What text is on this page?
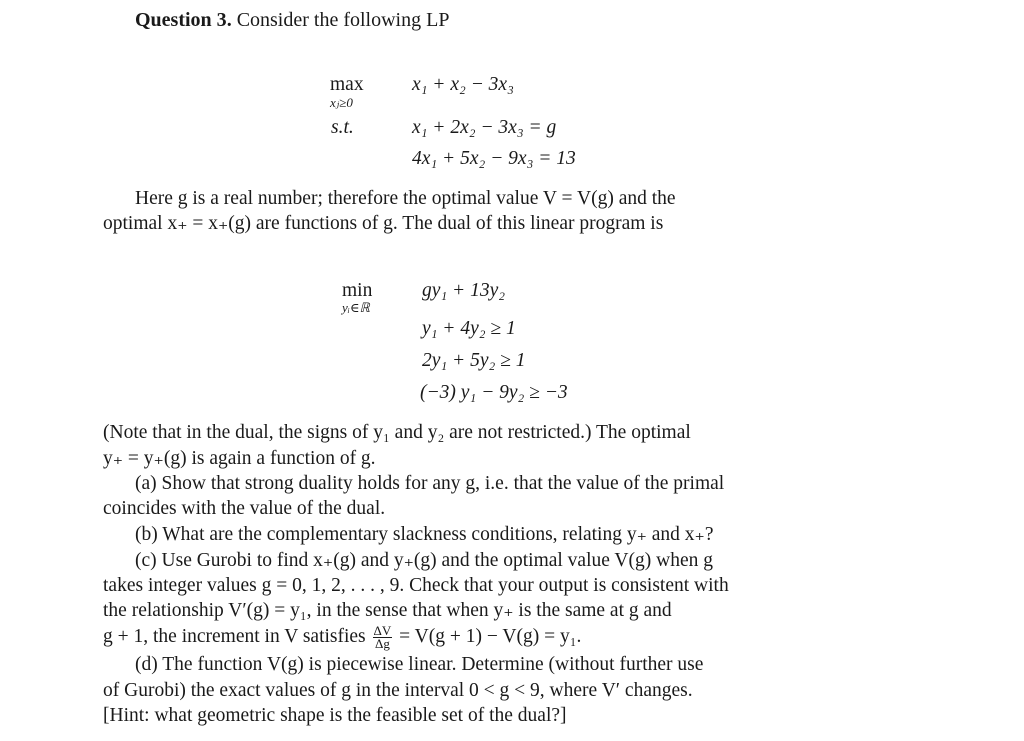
Question 3. Consider the following LP
max
xⱼ≥0
x₁ + x₂ − 3x₃
s.t.	x₁ + 2x₂ − 3x₃ = g
4x₁ + 5x₂ − 9x₃ = 13
Here g is a real number; therefore the optimal value V = V(g) and the
optimal x₊ = x₊(g) are functions of g. The dual of this linear program is
min
yᵢ∈ℝ
gy₁ + 13y₂
y₁ + 4y₂ ≥ 1
2y₁ + 5y₂ ≥ 1
(−3) y₁ − 9y₂ ≥ −3
(Note that in the dual, the signs of y₁ and y₂ are not restricted.) The optimal
y₊ = y₊(g) is again a function of g.
(a) Show that strong duality holds for any g, i.e. that the value of the primal
coincides with the value of the dual.
(b) What are the complementary slackness conditions, relating y₊ and x₊?
(c) Use Gurobi to find x₊(g) and y₊(g) and the optimal value V(g) when g
takes integer values g = 0, 1, 2, . . . , 9. Check that your output is consistent with
the relationship V′(g) = y₁, in the sense that when y₊ is the same at g and
g + 1, the increment in V satisfies $\frac{\Delta V}{\Delta g} = V(g + 1) - V(g) = y_1$.
(d) The function V(g) is piecewise linear. Determine (without further use
of Gurobi) the exact values of g in the interval 0 < g < 9, where V′ changes.
[Hint: what geometric shape is the feasible set of the dual?]
